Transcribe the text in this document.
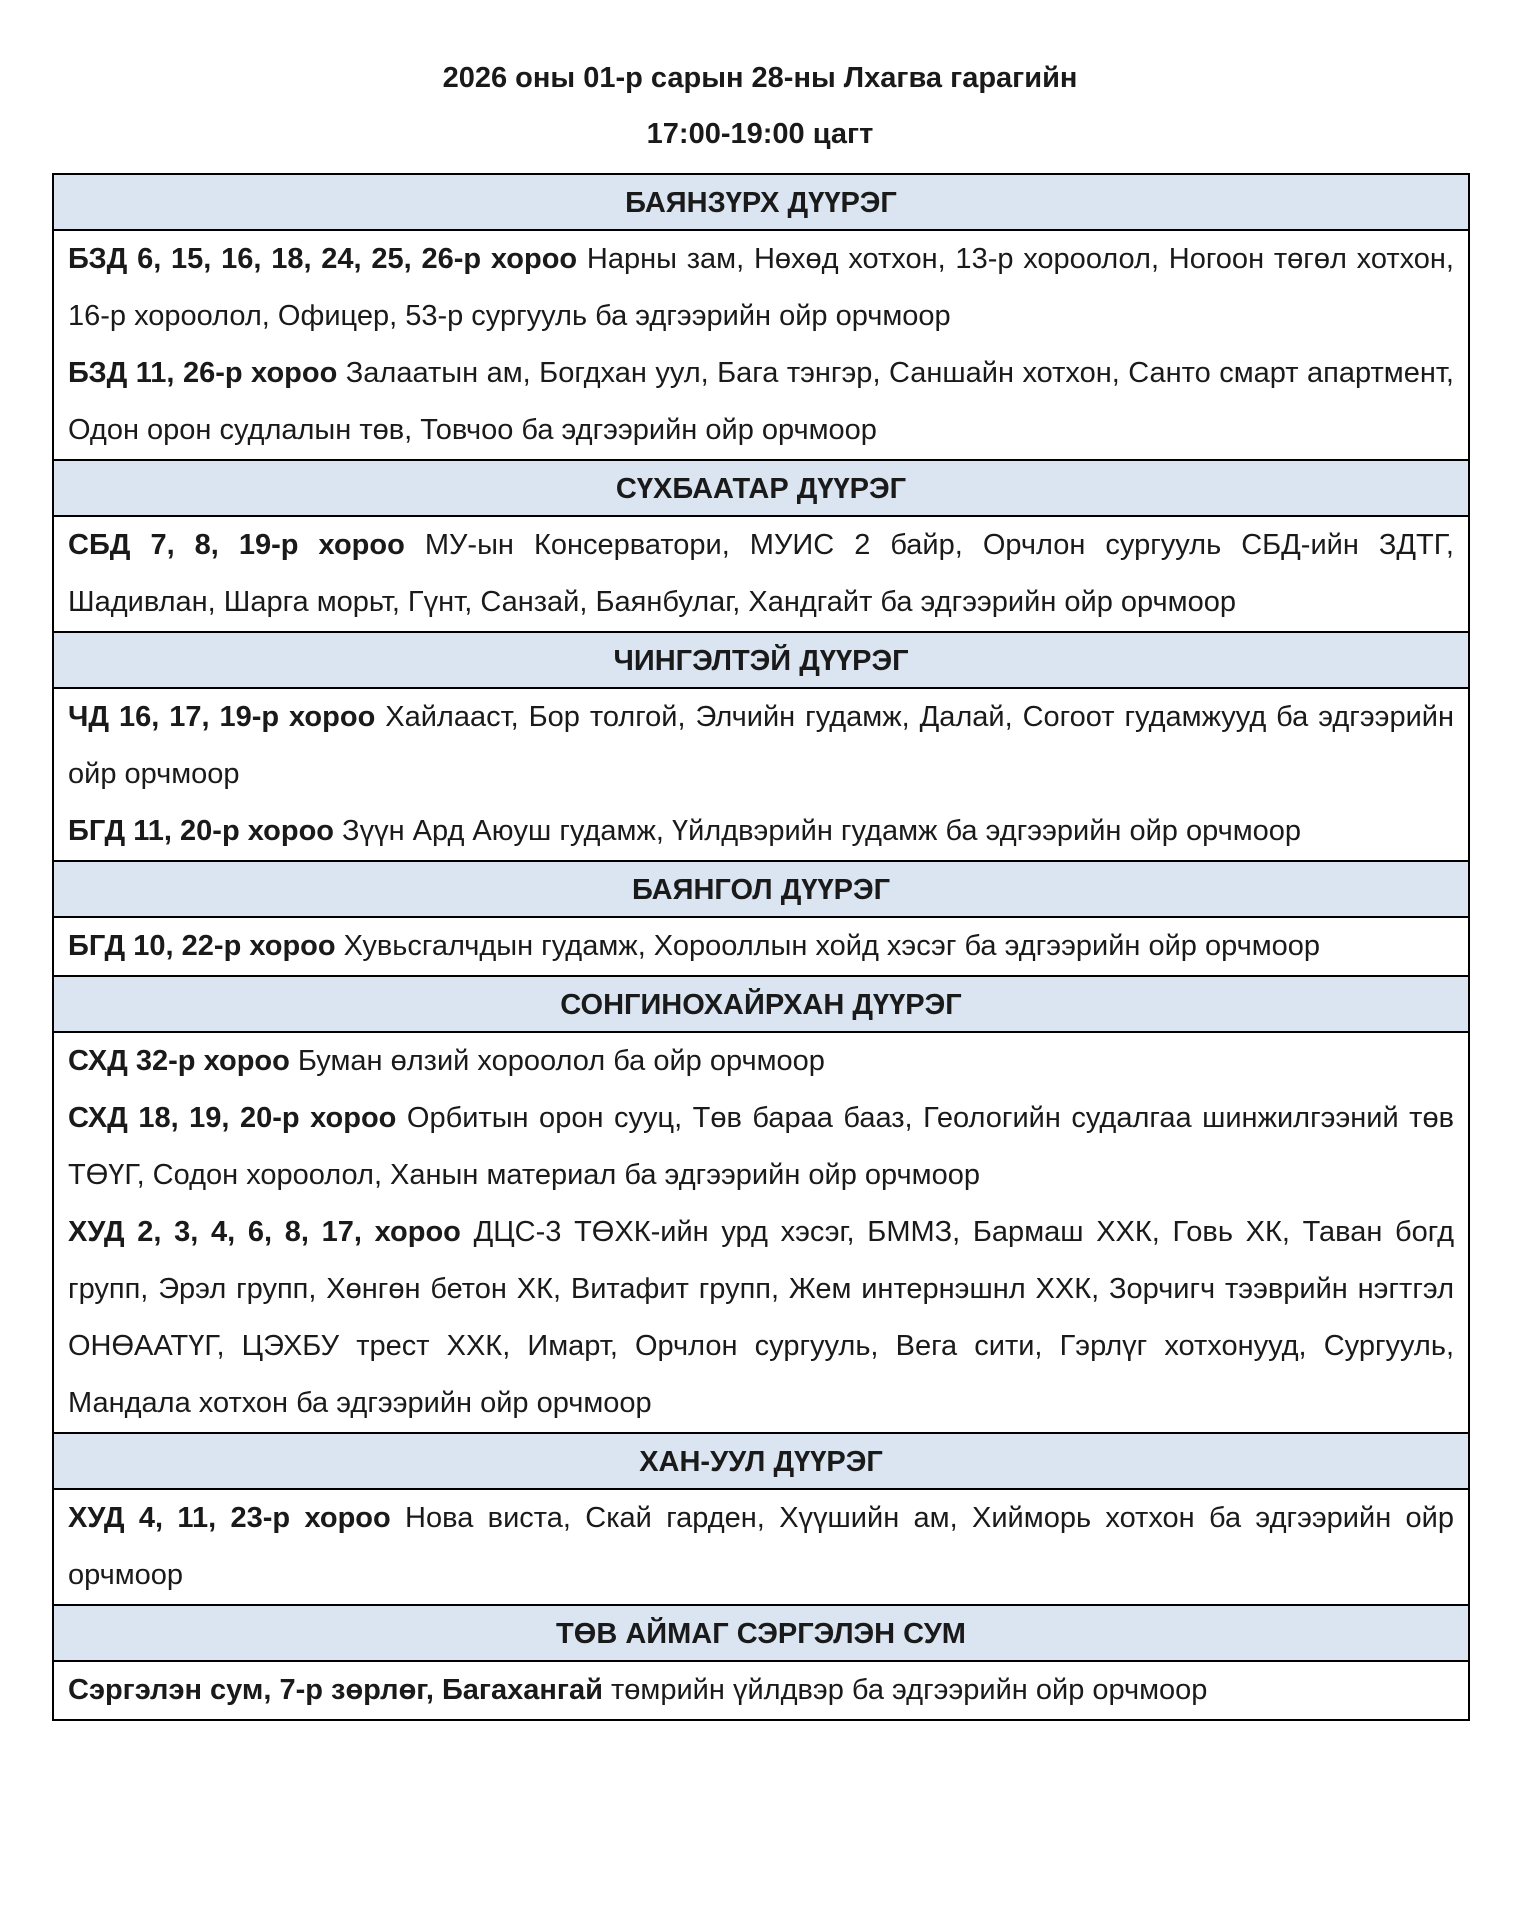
2026 оны 01-р сарын 28-ны Лхагва гарагийн
17:00-19:00 цагт
БАЯНЗҮРХ ДҮҮРЭГ

БЗД 6, 15, 16, 18, 24, 25, 26-р хороо Нарны зам, Нөхөд хотхон, 13-р хороолол, Ногоон төгөл хотхон, 16-р хороолол, Офицер, 53-р сургууль ба эдгээрийн ойр орчмоор

БЗД 11, 26-р хороо Залаатын ам, Богдхан уул, Бага тэнгэр, Саншайн хотхон, Санто смарт апартмент, Одон орон судлалын төв, Товчоо ба эдгээрийн ойр орчмоор

СҮХБААТАР ДҮҮРЭГ

СБД 7, 8, 19-р хороо МУ-ын Консерватори, МУИС 2 байр, Орчлон сургууль СБД-ийн ЗДТГ, Шадивлан, Шарга морьт, Гүнт, Санзай, Баянбулаг, Хандгайт ба эдгээрийн ойр орчмоор

ЧИНГЭЛТЭЙ ДҮҮРЭГ

ЧД 16, 17, 19-р хороо Хайлааст, Бор толгой, Элчийн гудамж, Далай, Согоот гудамжууд ба эдгээрийн ойр орчмоор

БГД 11, 20-р хороо Зүүн Ард Аюуш гудамж, Үйлдвэрийн гудамж ба эдгээрийн ойр орчмоор

БАЯНГОЛ ДҮҮРЭГ

БГД 10, 22-р хороо Хувьсгалчдын гудамж, Хорооллын хойд хэсэг ба эдгээрийн ойр орчмоор

СОНГИНОХАЙРХАН ДҮҮРЭГ

СХД 32-р хороо Буман өлзий хороолол ба ойр орчмоор

СХД 18, 19, 20-р хороо Орбитын орон сууц, Төв бараа бааз, Геологийн судалгаа шинжилгээний төв ТӨҮГ, Содон хороолол, Ханын материал ба эдгээрийн ойр орчмоор

ХУД 2, 3, 4, 6, 8, 17, хороо ДЦС-3 ТӨХК-ийн урд хэсэг, БММЗ, Бармаш ХХК, Говь ХК, Таван богд групп, Эрэл групп, Хөнгөн бетон ХК, Витафит групп, Жем интернэшнл ХХК, Зорчигч тээврийн нэгтгэл ОНӨААТҮГ, ЦЭХБУ трест ХХК, Имарт, Орчлон сургууль, Вега сити, Гэрлүг хотхонууд, Сургууль, Мандала хотхон ба эдгээрийн ойр орчмоор

ХАН-УУЛ ДҮҮРЭГ

ХУД 4, 11, 23-р хороо Нова виста, Скай гарден, Хүүшийн ам, Хийморь хотхон ба эдгээрийн ойр орчмоор

ТӨВ АЙМАГ СЭРГЭЛЭН СУМ

Сэргэлэн сум, 7-р зөрлөг, Багахангай төмрийн үйлдвэр ба эдгээрийн ойр орчмоор
